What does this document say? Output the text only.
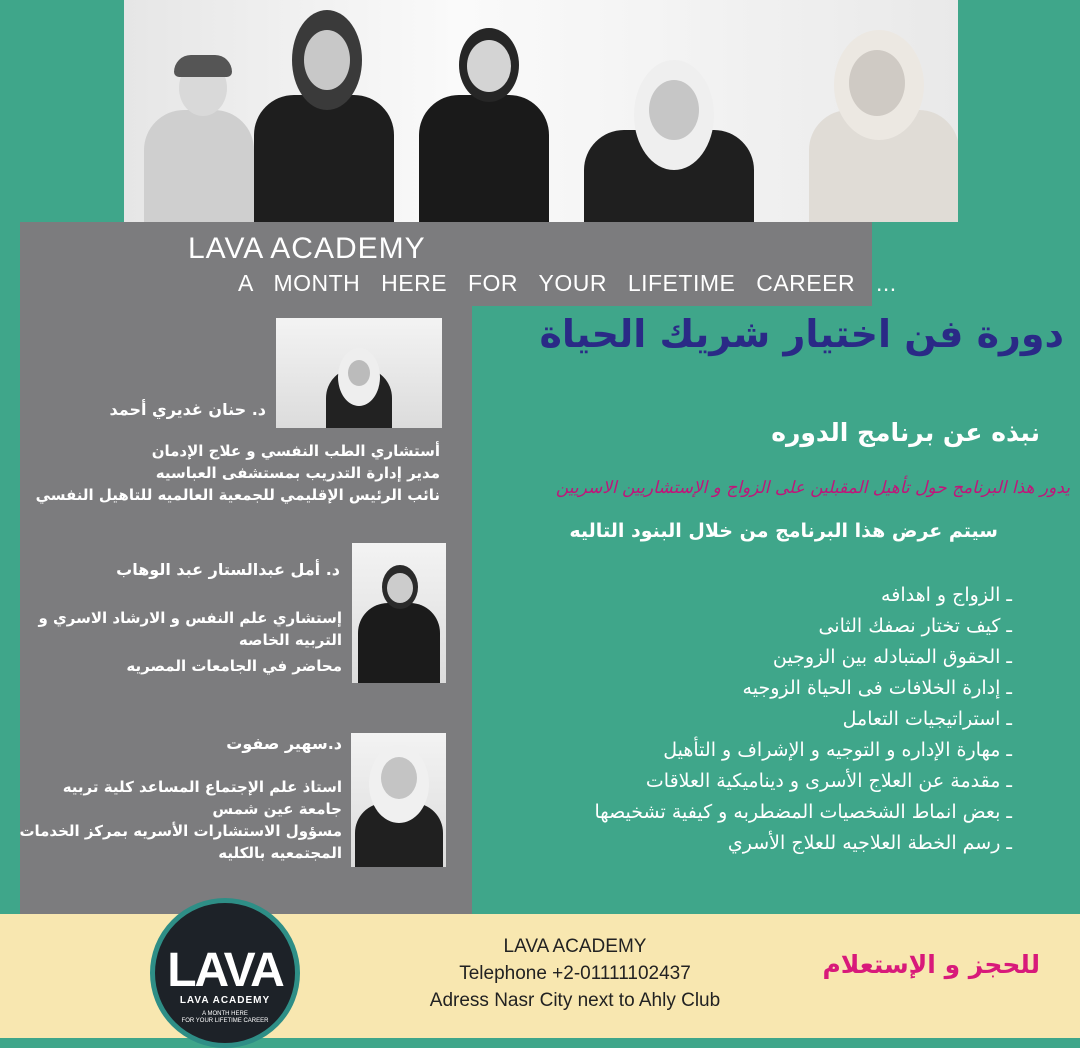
LAVA ACADEMY
A MONTH HERE FOR YOUR LIFETIME CAREER ...
د. حنان غديري أحمد
أستشاري الطب النفسي و علاج الإدمان
مدير إدارة التدريب بمستشفى العباسيه
نائب الرئيس الإقليمي للجمعية العالميه للتاهيل النفسي
د. أمل عبدالستار عبد الوهاب
إستشاري علم النفس و الارشاد الاسري و
التربيه الخاصه
محاضر في الجامعات المصريه
د.سهير صفوت
استاذ علم الإجتماع المساعد كلية تربيه
جامعة عين شمس
مسؤول الاستشارات الأسريه بمركز الخدمات
المجتمعيه بالكليه
دورة فن اختيار شريك الحياة
نبذه عن برنامج الدوره
يدور هذا البرنامج حول تأهيل المقبلين على الزواج و الإستشاريين الاسريين
سيتم عرض هذا البرنامج من خلال البنود التاليه
ـ الزواج و اهدافه
ـ كيف تختار نصفك الثانى
ـ الحقوق المتبادله بين الزوجين
ـ إدارة الخلافات فى الحياة الزوجيه
ـ استراتيجيات التعامل
ـ مهارة الإداره و التوجيه و الإشراف و التأهيل
ـ مقدمة عن العلاج الأسرى و ديناميكية العلاقات
ـ بعض انماط الشخصيات المضطربه و كيفية تشخيصها
ـ رسم الخطة العلاجيه للعلاج الأسري
LAVA
LAVA ACADEMY
A MONTH HERE
FOR YOUR LIFETIME CAREER
LAVA ACADEMY
Telephone +2-01111102437
Adress Nasr City next to Ahly Club
للحجز و الإستعلام
